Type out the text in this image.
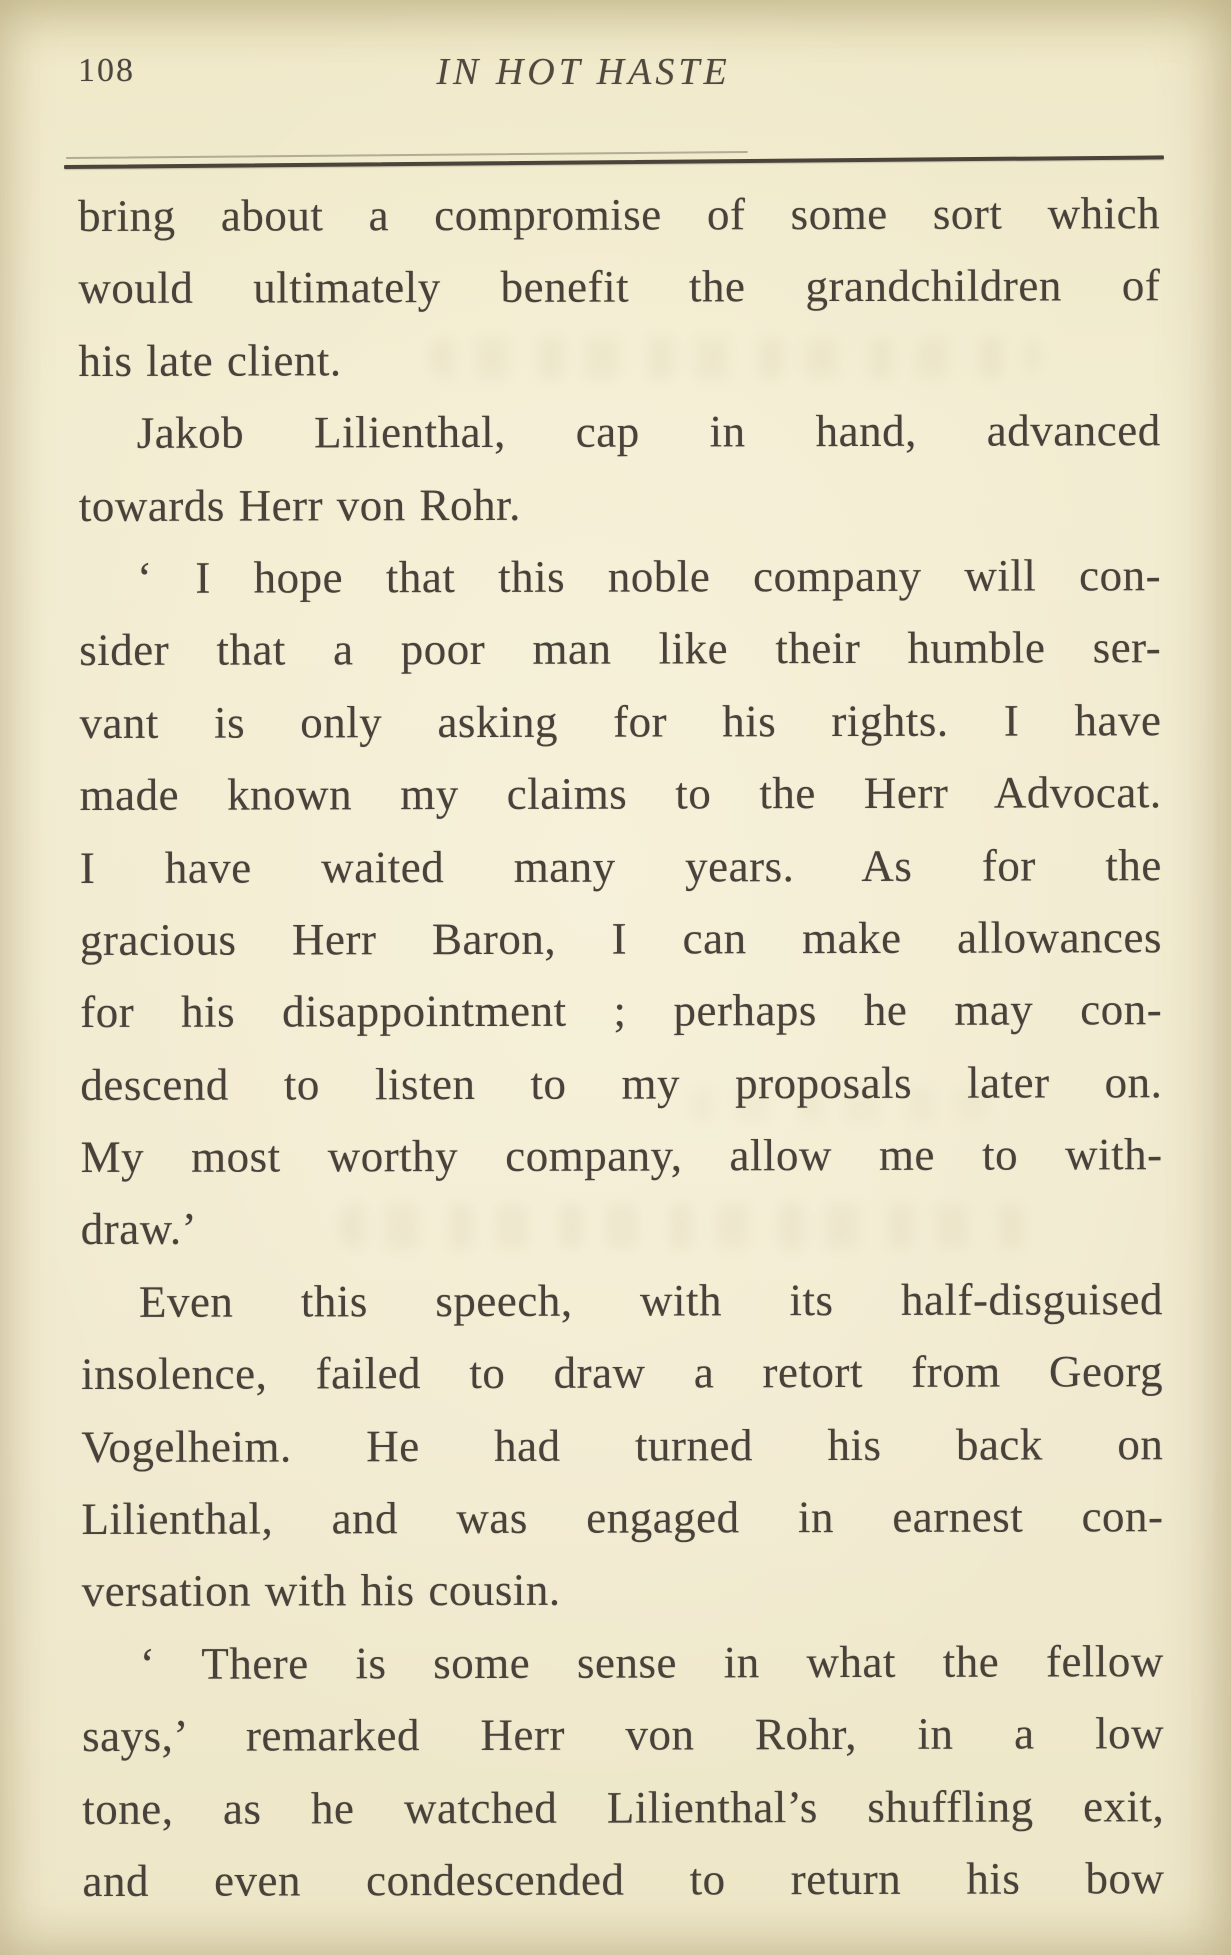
108	IN HOT HASTE
bring about a compromise of some sort which
would ultimately benefit the grandchildren of
his late client.
Jakob Lilienthal, cap in hand, advanced
towards Herr von Rohr.
‘ I hope that this noble company will con-
sider that a poor man like their humble ser-
vant is only asking for his rights. I have
made known my claims to the Herr Advocat.
I have waited many years. As for the
gracious Herr Baron, I can make allowances
for his disappointment ; perhaps he may con-
descend to listen to my proposals later on.
My most worthy company, allow me to with-
draw.’
Even this speech, with its half-disguised
insolence, failed to draw a retort from Georg
Vogelheim. He had turned his back on
Lilienthal, and was engaged in earnest con-
versation with his cousin.
‘ There is some sense in what the fellow
says,’ remarked Herr von Rohr, in a low
tone, as he watched Lilienthal’s shuffling exit,
and even condescended to return his bow
